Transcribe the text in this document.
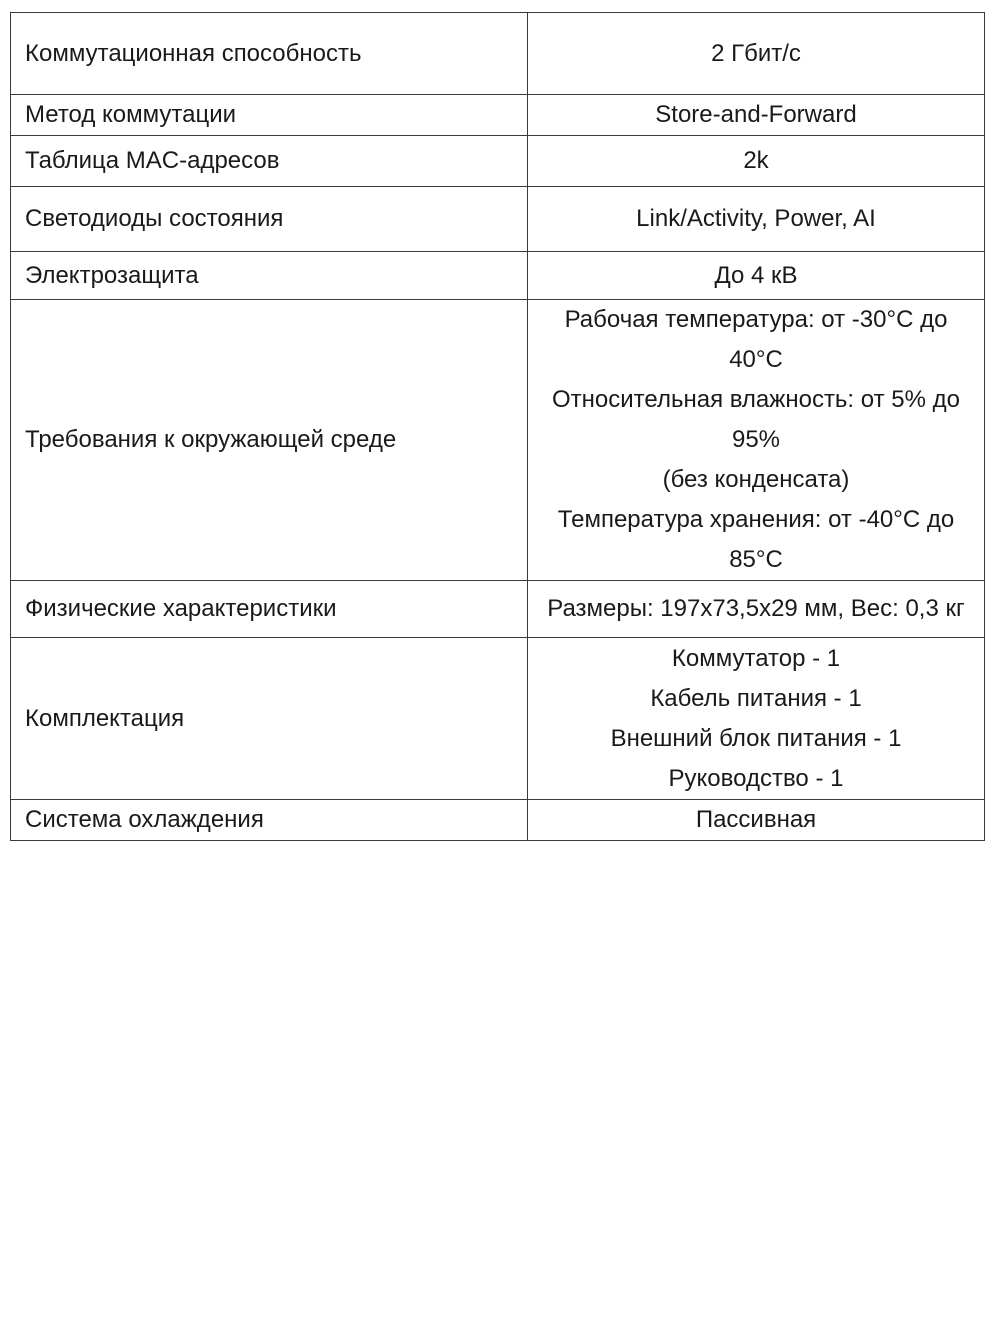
Коммутационная способность	2 Гбит/с

Метод коммутации	Store-and-Forward

Таблица MAC-адресов	2k

Светодиоды состояния	Link/Activity, Power, AI

Электрозащита	До 4 кВ

Требования к окружающей среде	Рабочая температура: от -30°C до 40°C
Относительная влажность: от 5% до 95%
(без конденсата)
Температура хранения: от -40°C до 85°C

Физические характеристики	Размеры: 197х73,5х29 мм, Вес: 0,3 кг

Комплектация	Коммутатор - 1
Кабель питания - 1
Внешний блок питания - 1
Руководство - 1

Система охлаждения	Пассивная
